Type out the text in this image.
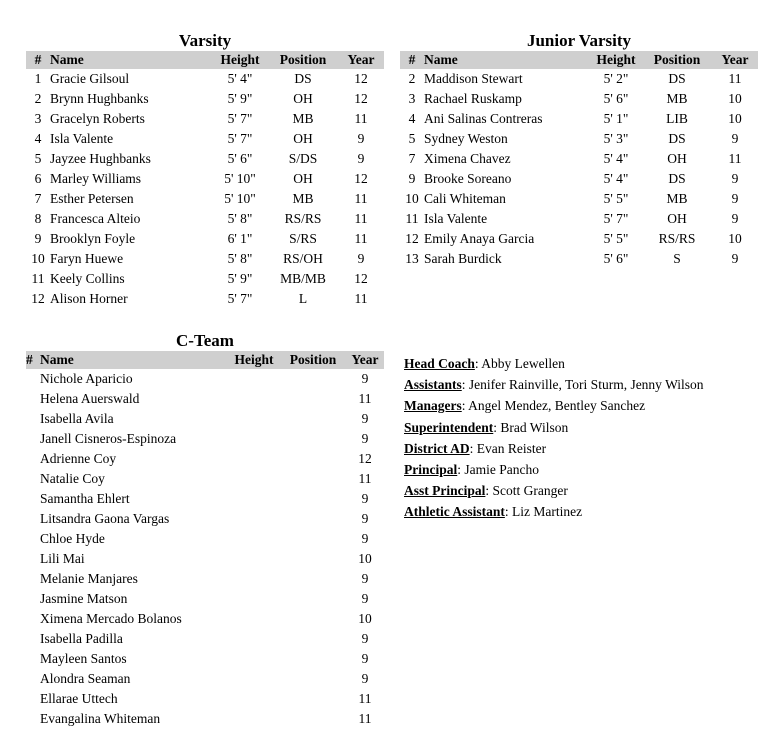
Varsity
#	Name	Height	Position	Year
1	Gracie Gilsoul	5' 4"	DS	12
2	Brynn Hughbanks	5' 9"	OH	12
3	Gracelyn Roberts	5' 7"	MB	11
4	Isla Valente	5' 7"	OH	9
5	Jayzee Hughbanks	5' 6"	S/DS	9
6	Marley Williams	5' 10"	OH	12
7	Esther Petersen	5' 10"	MB	11
8	Francesca Alteio	5' 8"	RS/RS	11
9	Brooklyn Foyle	6' 1"	S/RS	11
10	Faryn Huewe	5' 8"	RS/OH	9
11	Keely Collins	5' 9"	MB/MB	12
12	Alison Horner	5' 7"	L	11
Junior Varsity
#	Name	Height	Position	Year
2	Maddison Stewart	5' 2"	DS	11
3	Rachael Ruskamp	5' 6"	MB	10
4	Ani Salinas Contreras	5' 1"	LIB	10
5	Sydney Weston	5' 3"	DS	9
7	Ximena Chavez	5' 4"	OH	11
9	Brooke Soreano	5' 4"	DS	9
10	Cali Whiteman	5' 5"	MB	9
11	Isla Valente	5' 7"	OH	9
12	Emily Anaya Garcia	5' 5"	RS/RS	10
13	Sarah Burdick	5' 6"	S	9
C-Team
#	Name	Height	Position	Year
	Nichole Aparicio			9
	Helena Auerswald			11
	Isabella Avila			9
	Janell Cisneros-Espinoza			9
	Adrienne Coy			12
	Natalie Coy			11
	Samantha Ehlert			9
	Litsandra Gaona Vargas			9
	Chloe Hyde			9
	Lili Mai			10
	Melanie Manjares			9
	Jasmine Matson			9
	Ximena Mercado Bolanos			10
	Isabella Padilla			9
	Mayleen Santos			9
	Alondra Seaman			9
	Ellarae Uttech			11
	Evangalina Whiteman			11
Head Coach: Abby Lewellen
Assistants: Jenifer Rainville, Tori Sturm, Jenny Wilson
Managers: Angel Mendez, Bentley Sanchez
Superintendent: Brad Wilson
District AD: Evan Reister
Principal: Jamie Pancho
Asst Principal: Scott Granger
Athletic Assistant: Liz Martinez
